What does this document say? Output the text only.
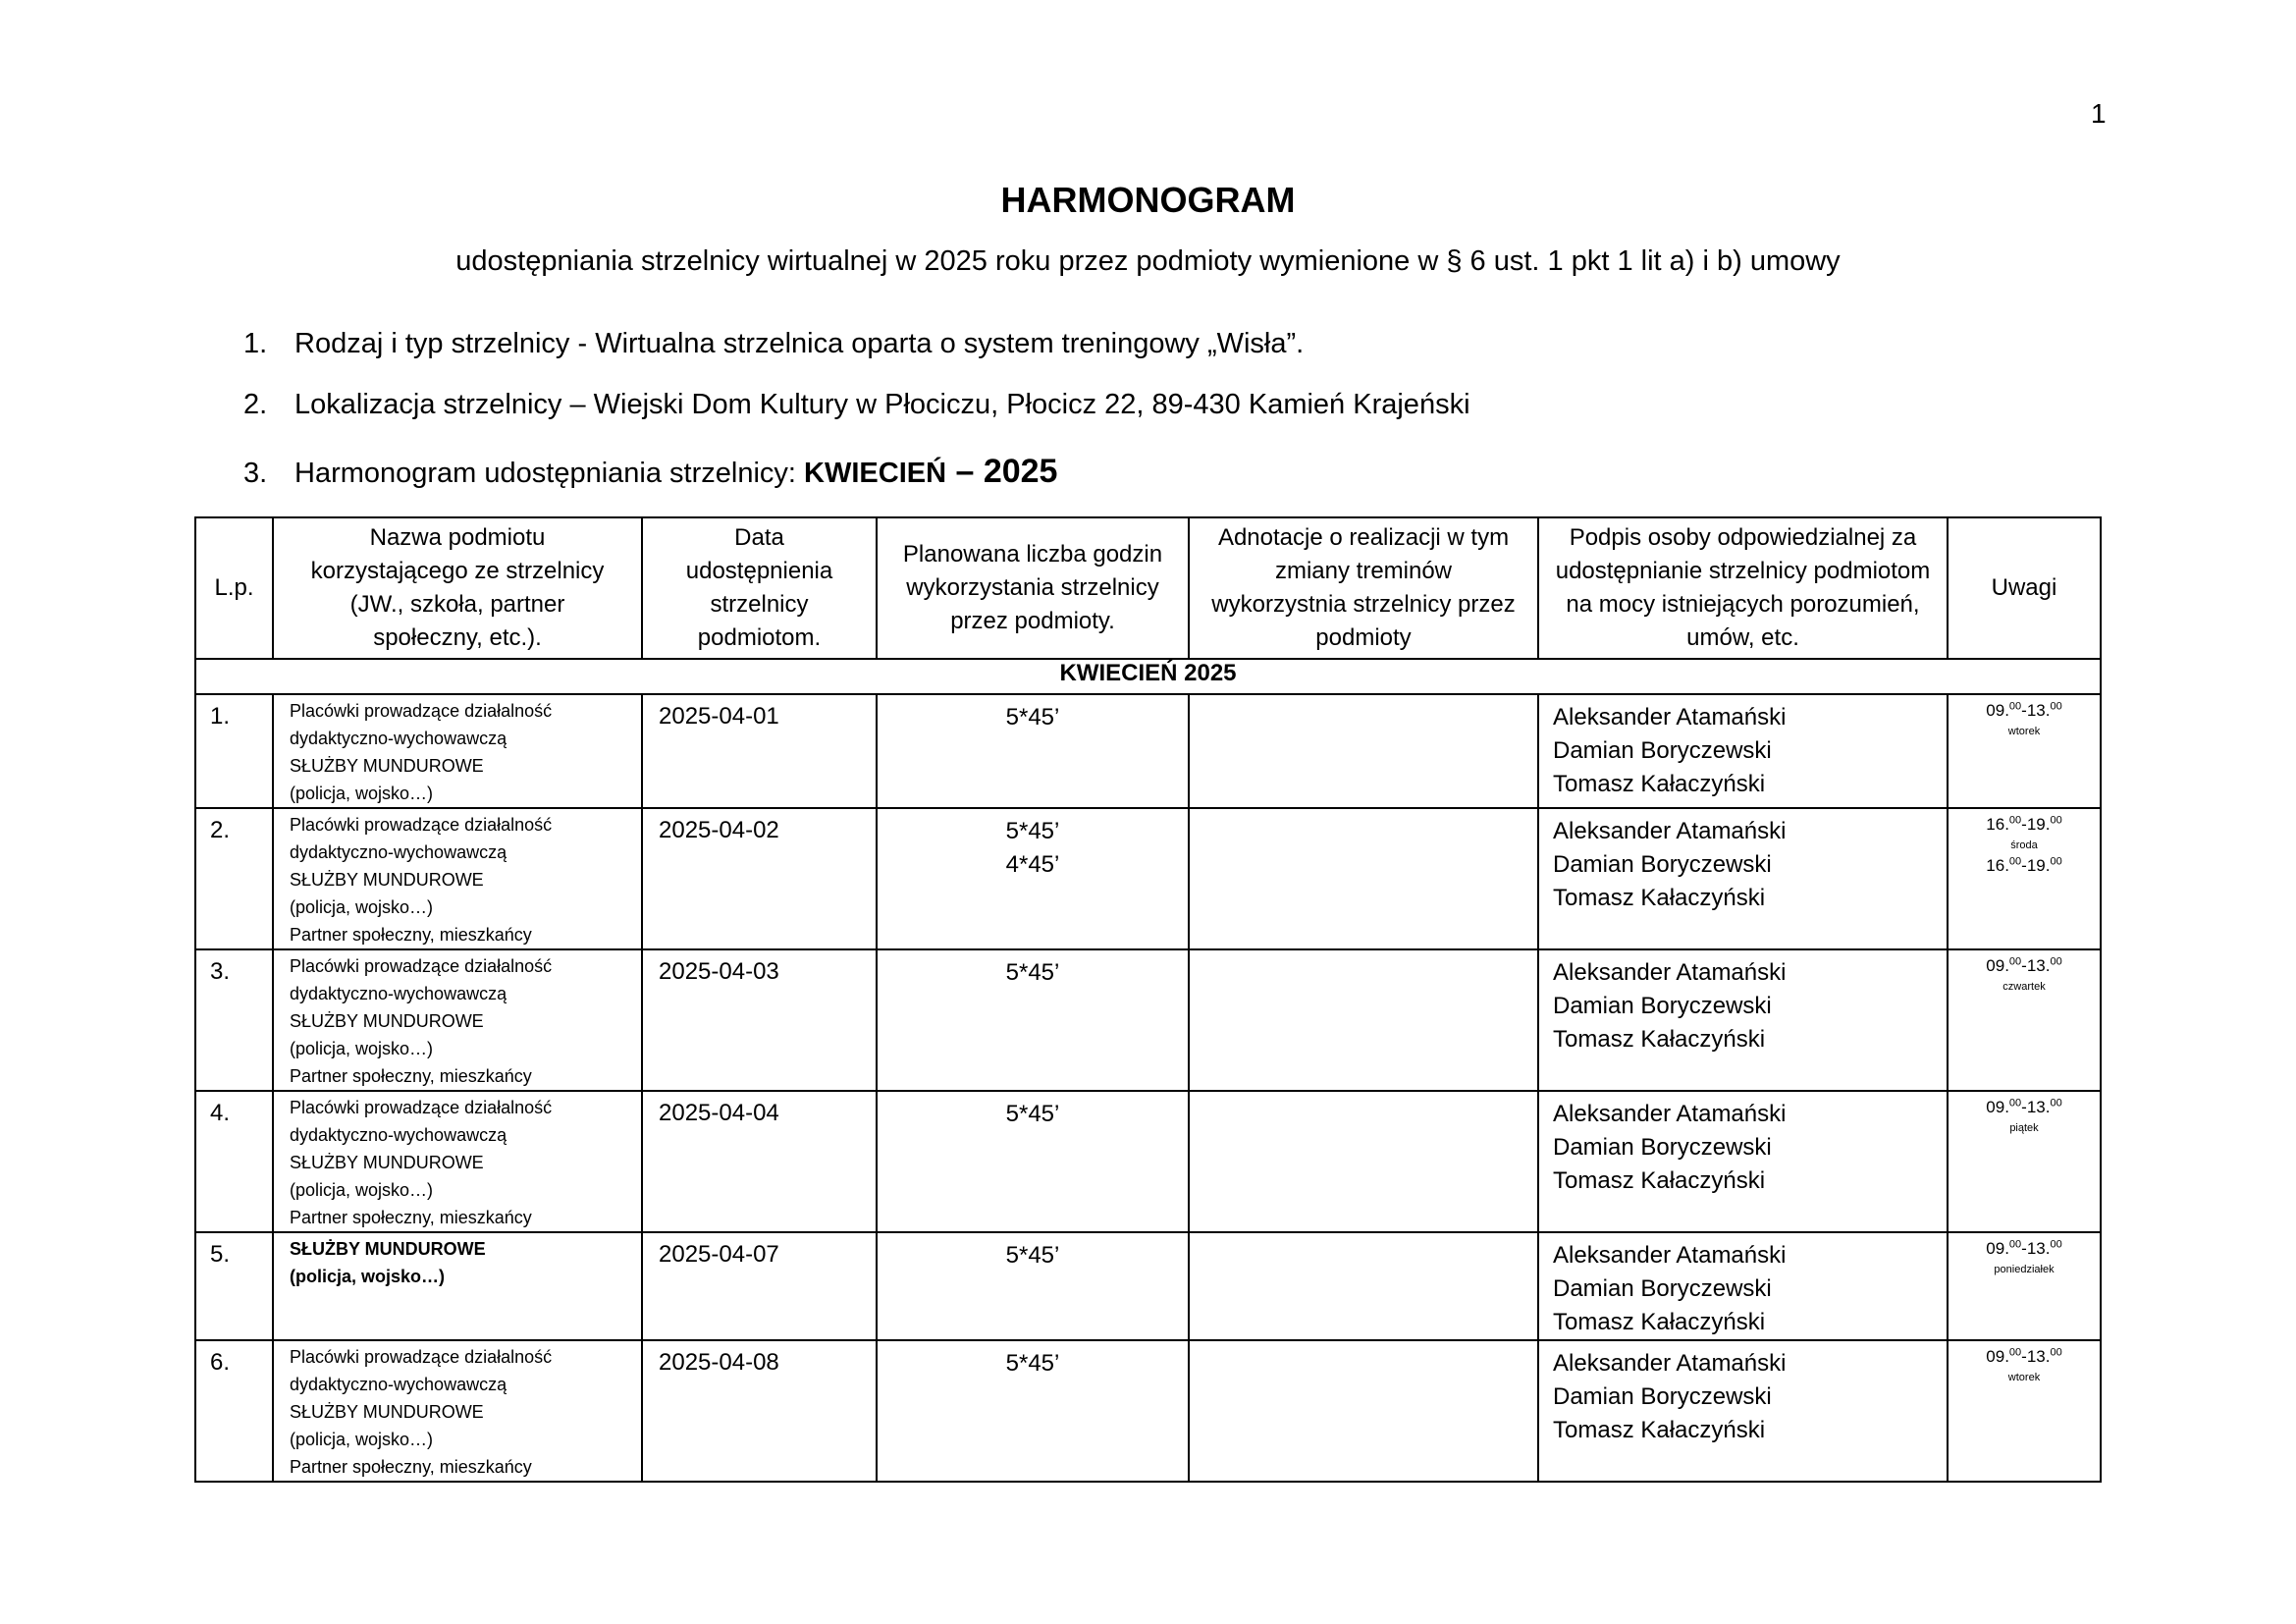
1
HARMONOGRAM
udostępniania strzelnicy wirtualnej w 2025 roku przez podmioty wymienione w § 6 ust. 1 pkt 1 lit a) i b) umowy
1. Rodzaj i typ strzelnicy - Wirtualna strzelnica oparta o system treningowy „Wisła”.
2. Lokalizacja strzelnicy – Wiejski Dom Kultury w Płociczu, Płocicz 22, 89-430 Kamień Krajeński
3. Harmonogram udostępniania strzelnicy: KWIECIEŃ – 2025
L.p.	Nazwa podmiotu korzystającego ze strzelnicy (JW., szkoła, partner społeczny, etc.).	Data udostępnienia strzelnicy podmiotom.	Planowana liczba godzin wykorzystania strzelnicy przez podmioty.	Adnotacje o realizacji w tym zmiany treminów wykorzystnia strzelnicy przez podmioty	Podpis osoby odpowiedzialnej za udostępnianie strzelnicy podmiotom na mocy istniejących porozumień, umów, etc.	Uwagi
KWIECIEŃ 2025						
1.	Placówki prowadzące działalność
dydaktyczno-wychowawczą
SŁUŻBY MUNDUROWE
(policja, wojsko…)	2025-04-01	5*45’		Aleksander Atamański
Damian Boryczewski
Tomasz Kałaczyński	09.00-13.00
wtorek

2.	Placówki prowadzące działalność
dydaktyczno-wychowawczą
SŁUŻBY MUNDUROWE
(policja, wojsko…)
Partner społeczny, mieszkańcy	2025-04-02	5*45’
4*45’		Aleksander Atamański
Damian Boryczewski
Tomasz Kałaczyński	16.00-19.00
środa
16.00-19.00

3.	Placówki prowadzące działalność
dydaktyczno-wychowawczą
SŁUŻBY MUNDUROWE
(policja, wojsko…)
Partner społeczny, mieszkańcy	2025-04-03	5*45’		Aleksander Atamański
Damian Boryczewski
Tomasz Kałaczyński	09.00-13.00
czwartek

4.	Placówki prowadzące działalność
dydaktyczno-wychowawczą
SŁUŻBY MUNDUROWE
(policja, wojsko…)
Partner społeczny, mieszkańcy	2025-04-04	5*45’		Aleksander Atamański
Damian Boryczewski
Tomasz Kałaczyński	09.00-13.00
piątek

5.	SŁUŻBY MUNDUROWE
(policja, wojsko…)	2025-04-07	5*45’		Aleksander Atamański
Damian Boryczewski
Tomasz Kałaczyński	09.00-13.00
poniedziałek

6.	Placówki prowadzące działalność
dydaktyczno-wychowawczą
SŁUŻBY MUNDUROWE
(policja, wojsko…)
Partner społeczny, mieszkańcy	2025-04-08	5*45’		Aleksander Atamański
Damian Boryczewski
Tomasz Kałaczyński	09.00-13.00
wtorek
